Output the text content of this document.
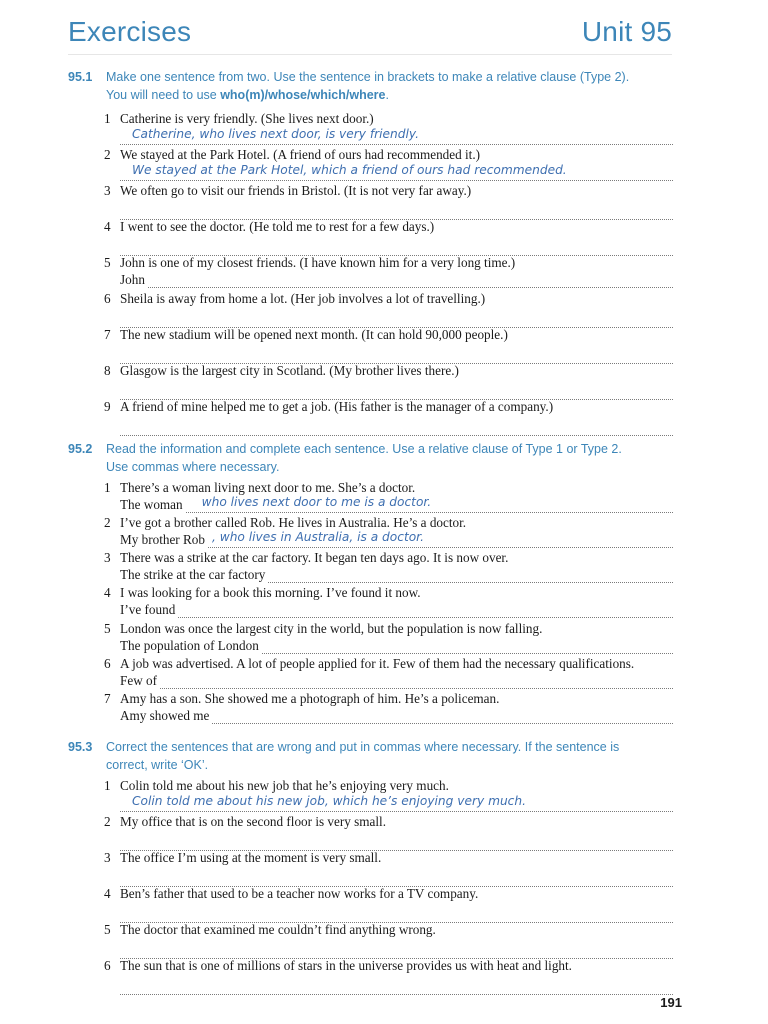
Exercises	Unit 95
95.1 Make one sentence from two. Use the sentence in brackets to make a relative clause (Type 2).
You will need to use who(m)/whose/which/where.
1 Catherine is very friendly. (She lives next door.)
Catherine, who lives next door, is very friendly.
2 We stayed at the Park Hotel. (A friend of ours had recommended it.)
We stayed at the Park Hotel, which a friend of ours had recommended.
3 We often go to visit our friends in Bristol. (It is not very far away.)
4 I went to see the doctor. (He told me to rest for a few days.)
5 John is one of my closest friends. (I have known him for a very long time.)
John
6 Sheila is away from home a lot. (Her job involves a lot of travelling.)
7 The new stadium will be opened next month. (It can hold 90,000 people.)
8 Glasgow is the largest city in Scotland. (My brother lives there.)
9 A friend of mine helped me to get a job. (His father is the manager of a company.)
95.2 Read the information and complete each sentence. Use a relative clause of Type 1 or Type 2.
Use commas where necessary.
1 There’s a woman living next door to me. She’s a doctor.
The woman who lives next door to me is a doctor.
2 I’ve got a brother called Rob. He lives in Australia. He’s a doctor.
My brother Rob , who lives in Australia, is a doctor.
3 There was a strike at the car factory. It began ten days ago. It is now over.
The strike at the car factory
4 I was looking for a book this morning. I’ve found it now.
I’ve found
5 London was once the largest city in the world, but the population is now falling.
The population of London
6 A job was advertised. A lot of people applied for it. Few of them had the necessary qualifications.
Few of
7 Amy has a son. She showed me a photograph of him. He’s a policeman.
Amy showed me
95.3 Correct the sentences that are wrong and put in commas where necessary. If the sentence is
correct, write ‘OK’.
1 Colin told me about his new job that he’s enjoying very much.
Colin told me about his new job, which he’s enjoying very much.
2 My office that is on the second floor is very small.
3 The office I’m using at the moment is very small.
4 Ben’s father that used to be a teacher now works for a TV company.
5 The doctor that examined me couldn’t find anything wrong.
6 The sun that is one of millions of stars in the universe provides us with heat and light.
191
